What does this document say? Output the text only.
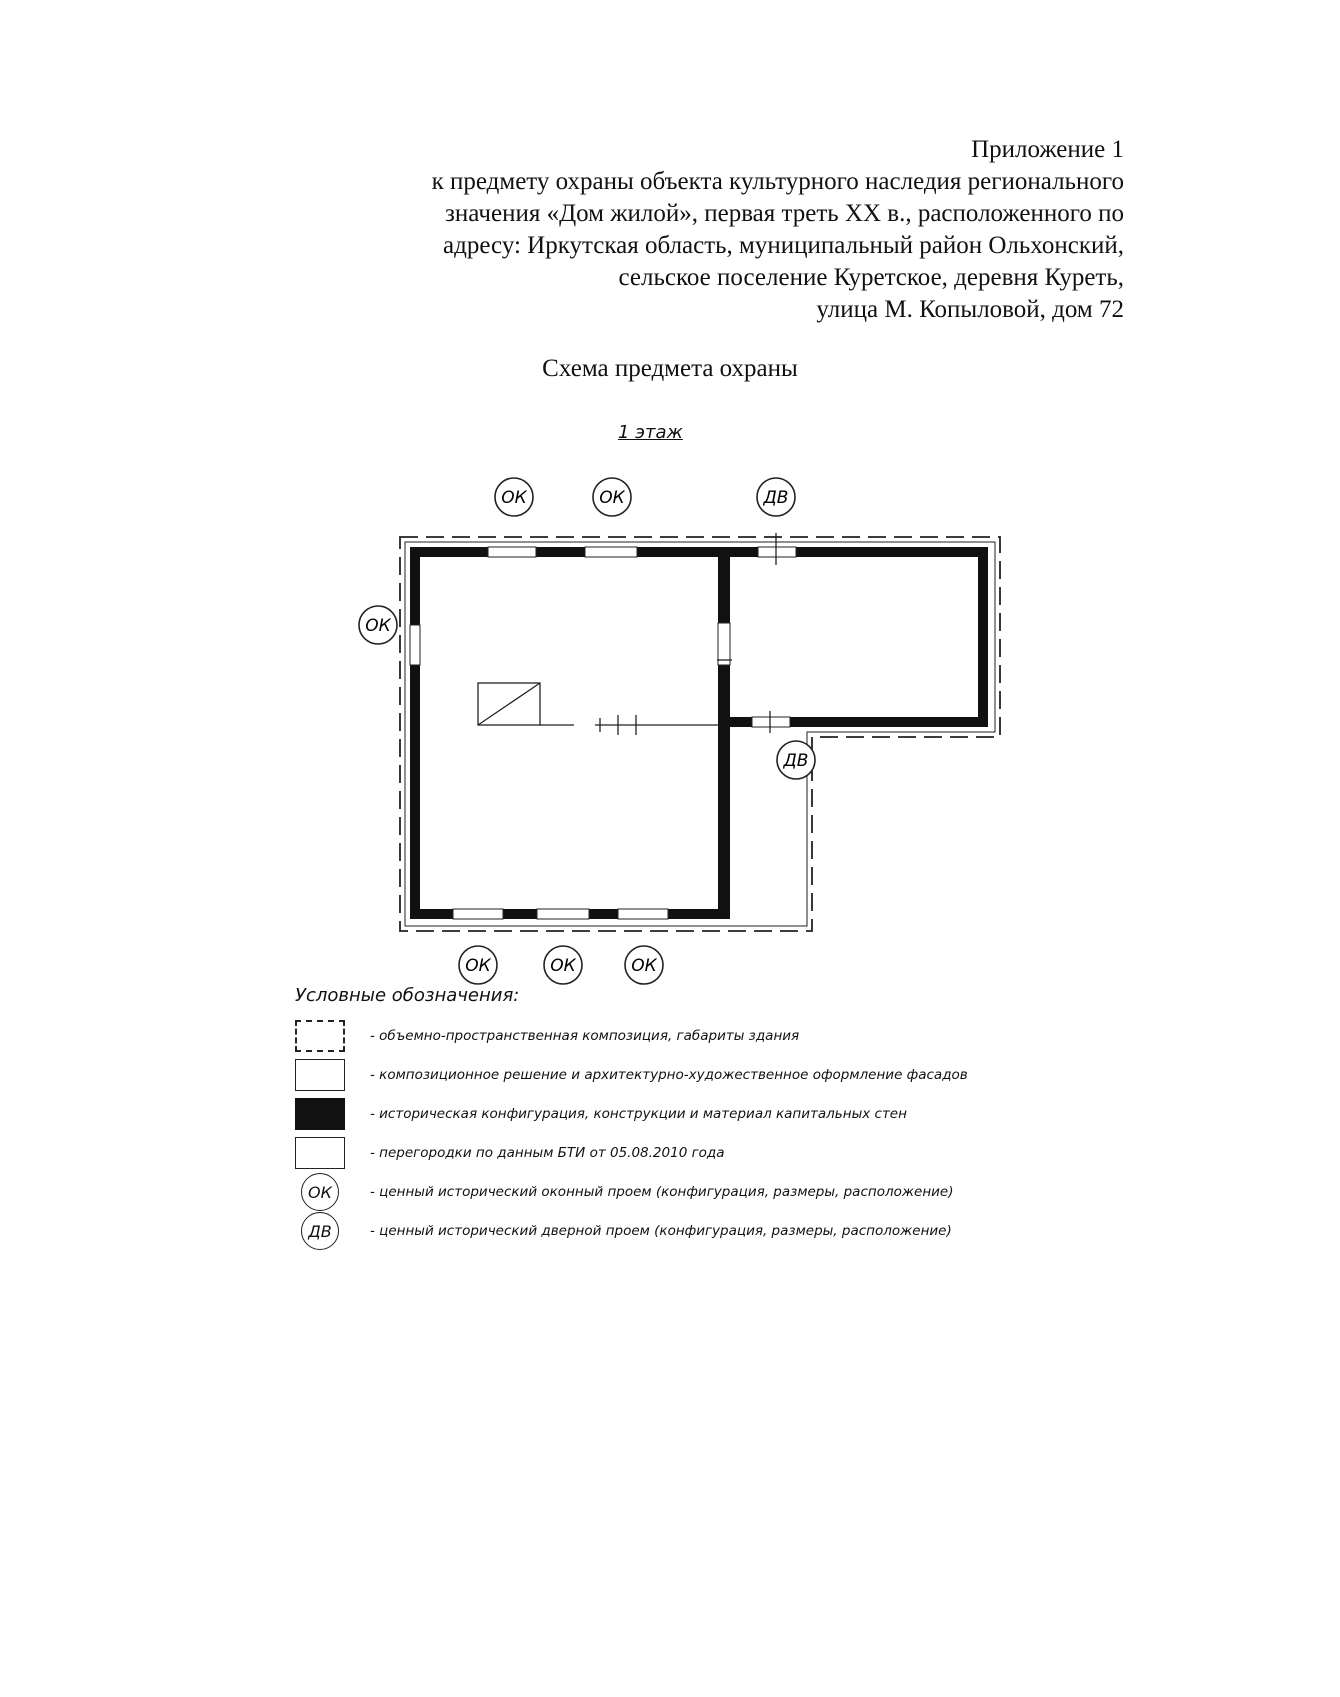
Приложение 1
к предмету охраны объекта культурного наследия регионального
значения «Дом жилой», первая треть XX в., расположенного по
адресу: Иркутская область, муниципальный район Ольхонский,
сельское поселение Куретское, деревня Куреть,
улица М. Копыловой, дом 72
Схема предмета охраны
1 этаж
ОК	ОК	ДВ
ОК
ДВ
ОК	ОК	ОК
Условные обозначения:
- объемно-пространственная композиция, габариты здания
- композиционное решение и архитектурно-художественное оформление фасадов
- историческая конфигурация, конструкции и материал капитальных стен
- перегородки по данным БТИ от 05.08.2010 года
ОК	- ценный исторический оконный проем (конфигурация, размеры, расположение)
ДВ	- ценный исторический дверной проем (конфигурация, размеры, расположение)
